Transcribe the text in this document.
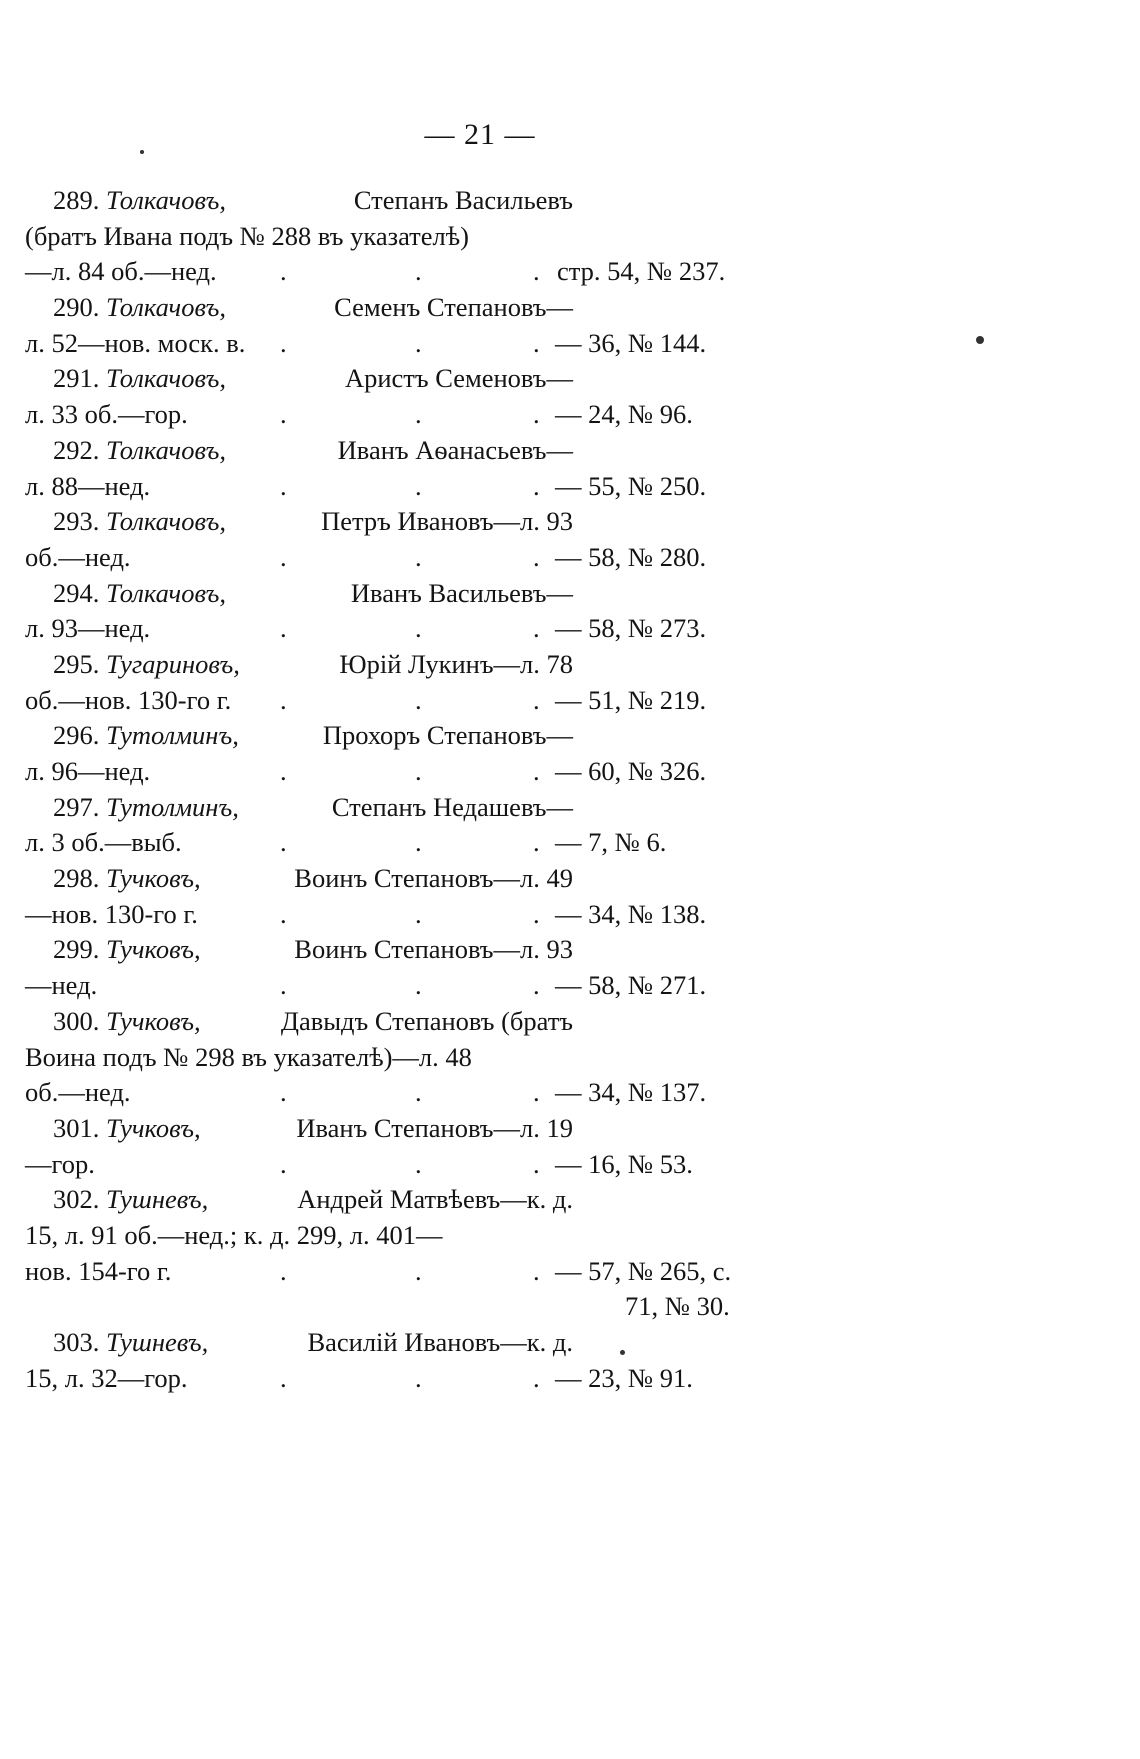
— 21 —
289. Толкачовъ,	Степанъ Васильевъ
(братъ Ивана подъ № 288 въ указателѣ)
—л. 84 об.—нед. .	.	. стр. 54, № 237.
290. Толкачовъ,	Семенъ Степановъ—
л. 52—нов. моск. в. .	.	. — 36, № 144.
291. Толкачовъ,	Аристъ Семеновъ—
л. 33 об.—гор.	.	.	. — 24, № 96.
292. Толкачовъ,	Иванъ Аѳанасьевъ—
л. 88—нед.	.	.	. — 55, № 250.
293. Толкачовъ,	Петръ Ивановъ—л. 93
об.—нед.	.	.	. — 58, № 280.
294. Толкачовъ,	Иванъ Васильевъ—
л. 93—нед.	.	.	. — 58, № 273.
295. Тугариновъ,	Юрій Лукинъ—л. 78
об.—нов. 130-го г. .	.	. — 51, № 219.
296. Тутолминъ,	Прохоръ Степановъ—
л. 96—нед.	.	.	. — 60, № 326.
297. Тутолминъ,	Степанъ Недашевъ—
л. 3 об.—выб.	.	.	. — 7, № 6.
298. Тучковъ,	Воинъ Степановъ—л. 49
—нов. 130-го г.	.	.	. — 34, № 138.
299. Тучковъ,	Воинъ Степановъ—л. 93
—нед.	.	.	. — 58, № 271.
300. Тучковъ,	Давыдъ Степановъ (братъ
Воина подъ № 298 въ указателѣ)—л. 48
об.—нед.	.	.	. — 34, № 137.
301. Тучковъ,	Иванъ Степановъ—л. 19
—гор.	.	.	. — 16, № 53.
302. Тушневъ,	Андрей Матвѣевъ—к. д.
15, л. 91 об.—нед.; к. д. 299, л. 401—
нов. 154-го г.	.	.	. — 57, № 265, с.
71, № 30.
303. Тушневъ,	Василій Ивановъ—к. д.
15, л. 32—гор.	.	.	. — 23, № 91.
